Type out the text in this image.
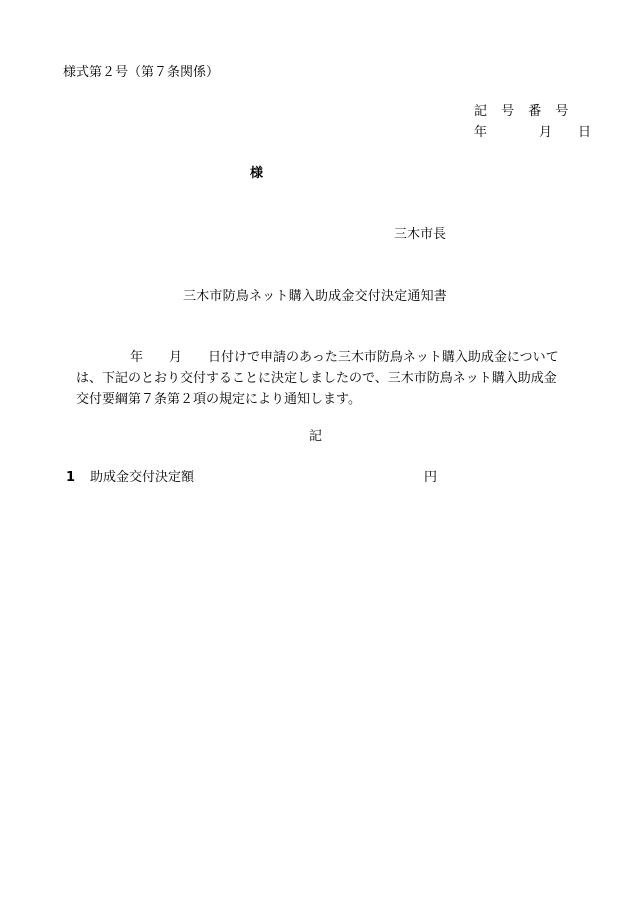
様式第２号（第７条関係）
記 号 番 号
年	月 日
様
三木市長
三木市防鳥ネット購入助成金交付決定通知書
年 月 日付けで申請のあった三木市防鳥ネット購入助成金について
は、下記のとおり交付することに決定しましたので、三木市防鳥ネット購入助成金
交付要綱第７条第２項の規定により通知します。
記
1 助成金交付決定額	円
